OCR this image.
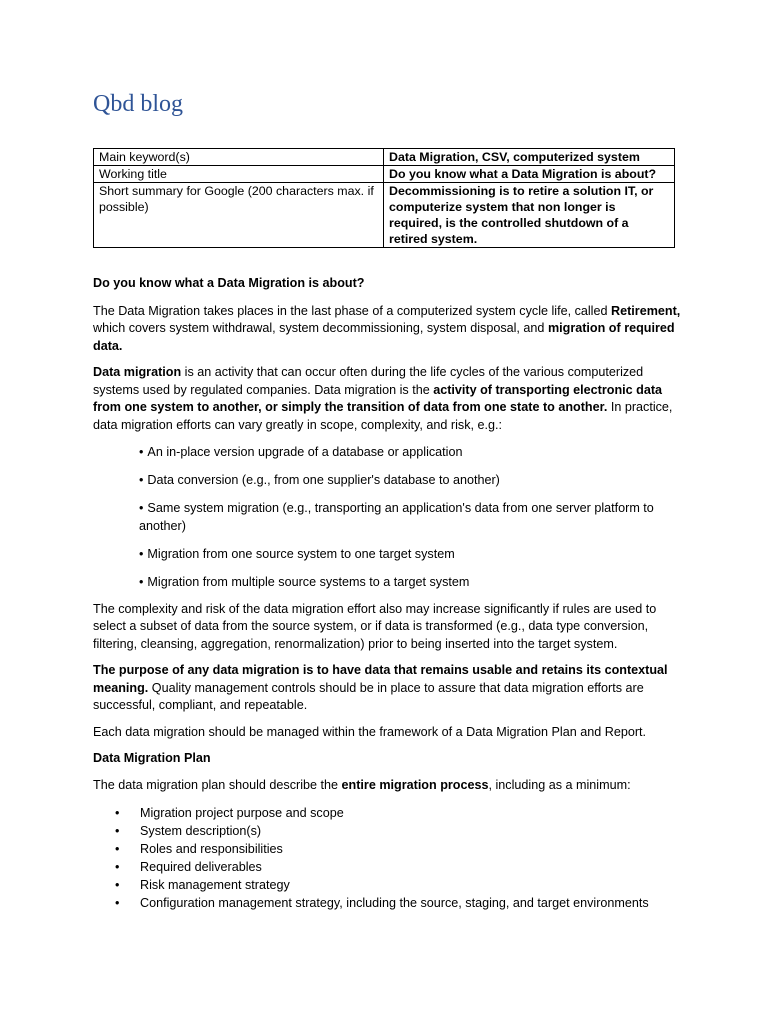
Qbd blog
Main keyword(s)	Data Migration, CSV, computerized system
Working title	Do you know what a Data Migration is about?
Short summary for Google (200 characters max. if possible)	Decommissioning is to retire a solution IT, or computerize system that non longer is required, is the controlled shutdown of a retired system.

Do you know what a Data Migration is about?

The Data Migration takes places in the last phase of a computerized system cycle life, called Retirement, which covers system withdrawal, system decommissioning, system disposal, and migration of required data.

Data migration is an activity that can occur often during the life cycles of the various computerized systems used by regulated companies. Data migration is the activity of transporting electronic data from one system to another, or simply the transition of data from one state to another. In practice, data migration efforts can vary greatly in scope, complexity, and risk, e.g.:

• An in-place version upgrade of a database or application
• Data conversion (e.g., from one supplier's database to another)
• Same system migration (e.g., transporting an application's data from one server platform to another)
• Migration from one source system to one target system
• Migration from multiple source systems to a target system

The complexity and risk of the data migration effort also may increase significantly if rules are used to select a subset of data from the source system, or if data is transformed (e.g., data type conversion, filtering, cleansing, aggregation, renormalization) prior to being inserted into the target system.

The purpose of any data migration is to have data that remains usable and retains its contextual meaning. Quality management controls should be in place to assure that data migration efforts are successful, compliant, and repeatable.

Each data migration should be managed within the framework of a Data Migration Plan and Report.

Data Migration Plan

The data migration plan should describe the entire migration process, including as a minimum:

• Migration project purpose and scope
• System description(s)
• Roles and responsibilities
• Required deliverables
• Risk management strategy
• Configuration management strategy, including the source, staging, and target environments
